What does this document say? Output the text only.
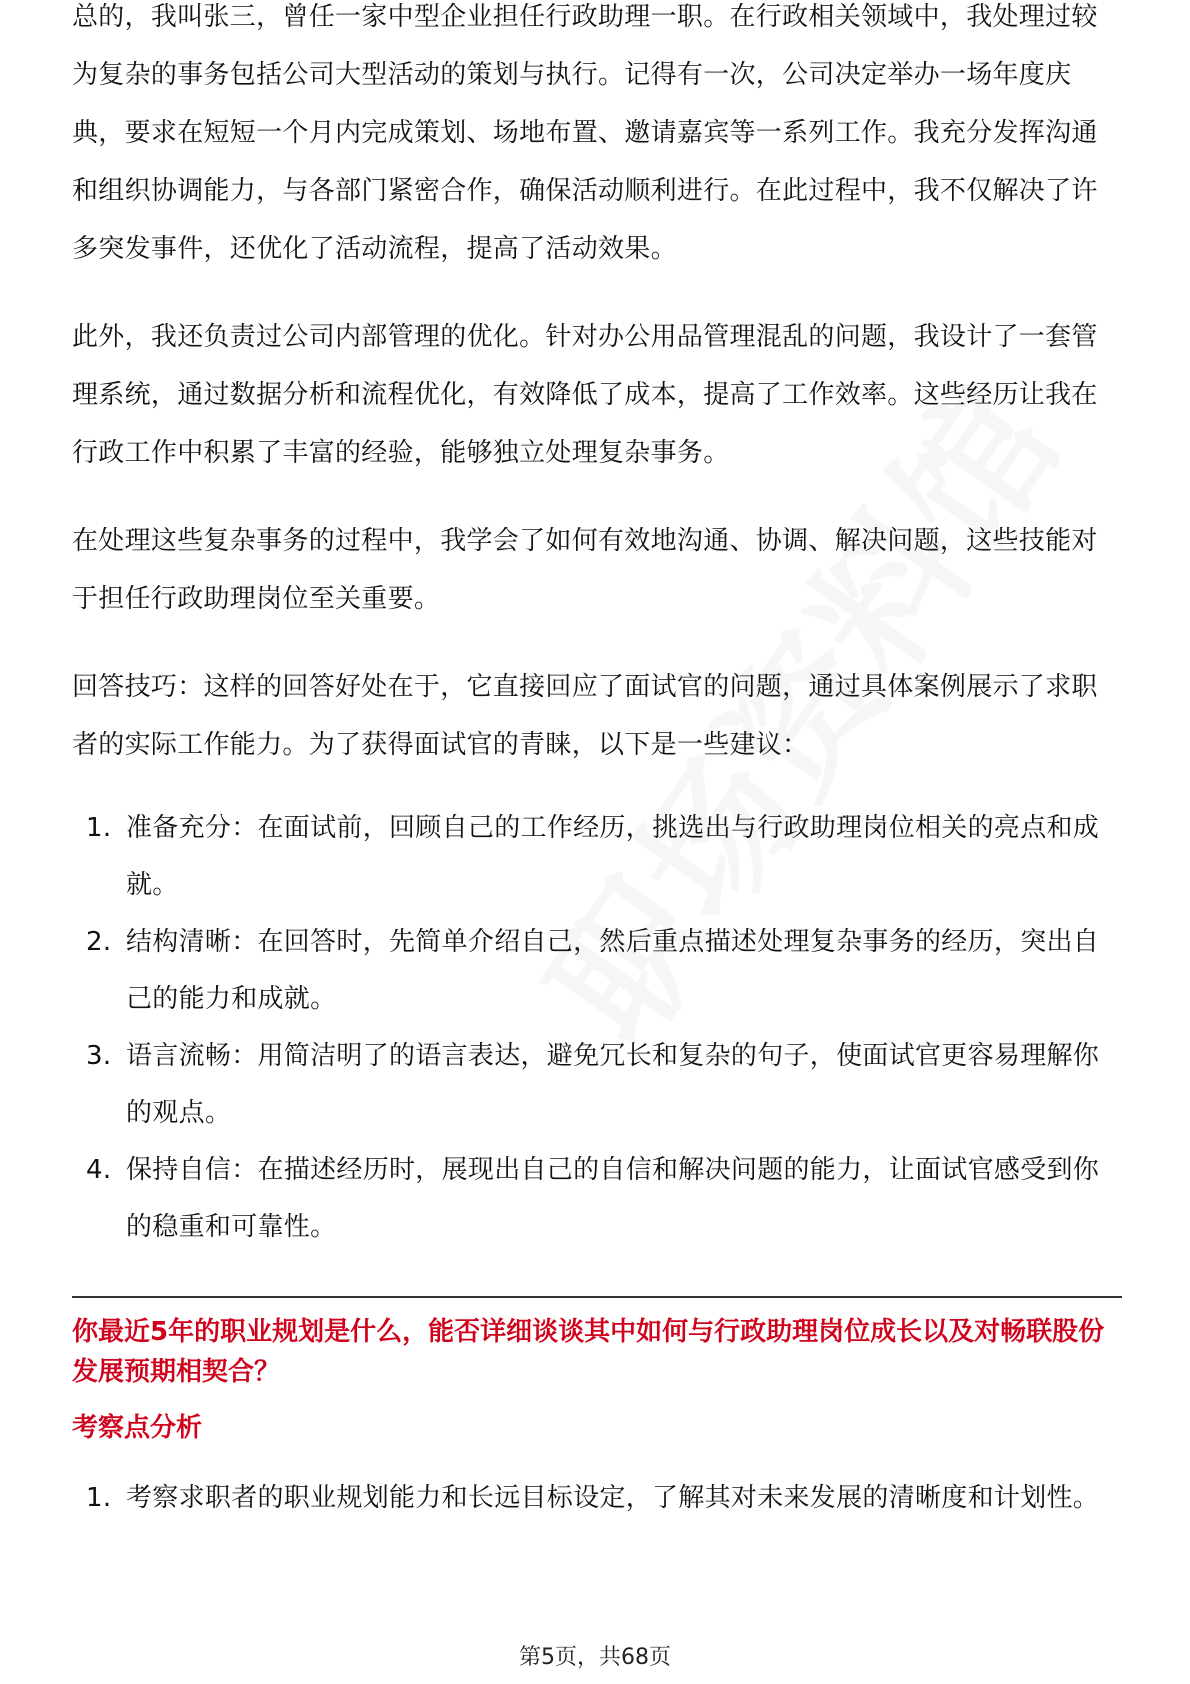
总的，我叫张三，曾任一家中型企业担任行政助理一职。在行政相关领域中，我处理过较为复杂的事务包括公司大型活动的策划与执行。记得有一次，公司决定举办一场年度庆典，要求在短短一个月内完成策划、场地布置、邀请嘉宾等一系列工作。我充分发挥沟通和组织协调能力，与各部门紧密合作，确保活动顺利进行。在此过程中，我不仅解决了许多突发事件，还优化了活动流程，提高了活动效果。

此外，我还负责过公司内部管理的优化。针对办公用品管理混乱的问题，我设计了一套管理系统，通过数据分析和流程优化，有效降低了成本，提高了工作效率。这些经历让我在行政工作中积累了丰富的经验，能够独立处理复杂事务。

在处理这些复杂事务的过程中，我学会了如何有效地沟通、协调、解决问题，这些技能对于担任行政助理岗位至关重要。

回答技巧：这样的回答好处在于，它直接回应了面试官的问题，通过具体案例展示了求职者的实际工作能力。为了获得面试官的青睐，以下是一些建议：

1. 准备充分：在面试前，回顾自己的工作经历，挑选出与行政助理岗位相关的亮点和成就。
2. 结构清晰：在回答时，先简单介绍自己，然后重点描述处理复杂事务的经历，突出自己的能力和成就。
3. 语言流畅：用简洁明了的语言表达，避免冗长和复杂的句子，使面试官更容易理解你的观点。
4. 保持自信：在描述经历时，展现出自己的自信和解决问题的能力，让面试官感受到你的稳重和可靠性。
你最近5年的职业规划是什么，能否详细谈谈其中如何与行政助理岗位成长以及对畅联股份发展预期相契合？
考察点分析
1. 考察求职者的职业规划能力和长远目标设定，了解其对未来发展的清晰度和计划性。
第5页，共68页
